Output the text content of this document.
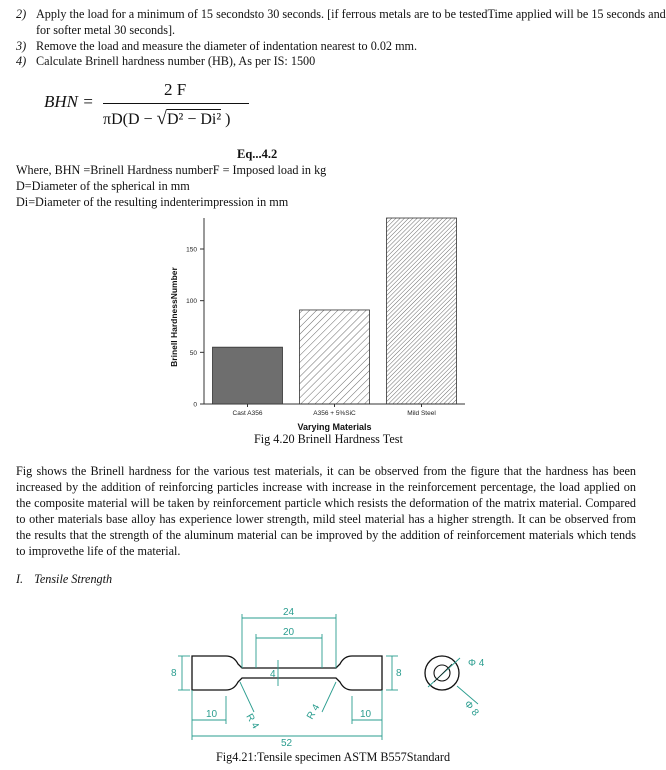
2) Apply the load for a minimum of 15 secondsto 30 seconds. [if ferrous metals are to be testedTime applied will be 15 seconds and
for softer metal 30 seconds].
3) Remove the load and measure the diameter of indentation nearest to 0.02 mm.
4) Calculate Brinell hardness number (HB), As per IS: 1500
BHN =
2 F
πD(D − √D² − Di² )
Eq...4.2
Where, BHN =Brinell Hardness numberF = Imposed load in kg
D=Diameter of the spherical in mm
Di=Diameter of the resulting indenterimpression in mm
0
50
100
150
Cast A356	A356 + 5%SiC	Mild Steel
Varying Materials
Brinell HardnessNumber
Fig 4.20 Brinell Hardness Test
Fig shows the Brinell hardness for the various test materials, it can be observed from the figure that the hardness has been increased by the addition of reinforcing particles increase with increase in the reinforcement percentage, the load applied on the composite material will be taken by reinforcement particle which resists the deformation of the matrix material. Compared to other materials base alloy has experience lower strength, mild steel material has a higher strength. It can be observed from the results that the strength of the aluminum material can be improved by the addition of reinforcement materials which tends to improvethe life of the material.
I. Tensile Strength
24
20
8	4	8
10	10
R 4	R 4
52
Φ 4
Φ 8
Fig4.21:Tensile specimen ASTM B557Standard
